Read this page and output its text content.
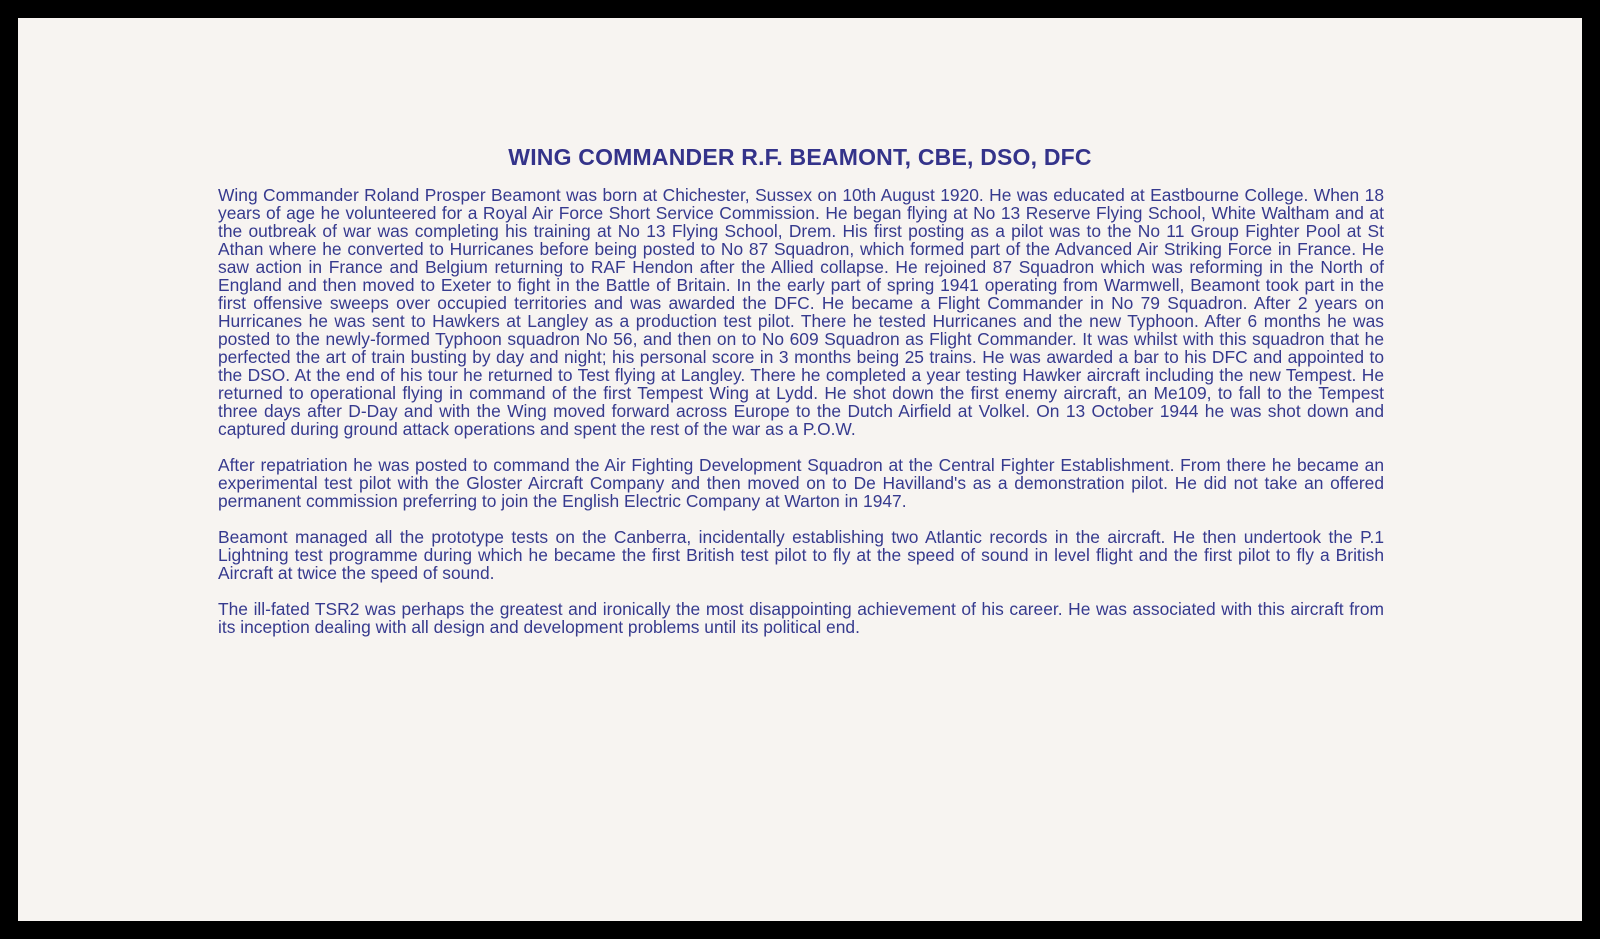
WING COMMANDER R.F. BEAMONT, CBE, DSO, DFC

Wing Commander Roland Prosper Beamont was born at Chichester, Sussex on 10th August 1920. He was educated at Eastbourne College. When 18 years of age he volunteered for a Royal Air Force Short Service Commission. He began flying at No 13 Reserve Flying School, White Waltham and at the outbreak of war was completing his training at No 13 Flying School, Drem. His first posting as a pilot was to the No 11 Group Fighter Pool at St Athan where he converted to Hurricanes before being posted to No 87 Squadron, which formed part of the Advanced Air Striking Force in France. He saw action in France and Belgium returning to RAF Hendon after the Allied collapse. He rejoined 87 Squadron which was reforming in the North of England and then moved to Exeter to fight in the Battle of Britain. In the early part of spring 1941 operating from Warmwell, Beamont took part in the first offensive sweeps over occupied territories and was awarded the DFC. He became a Flight Commander in No 79 Squadron. After 2 years on Hurricanes he was sent to Hawkers at Langley as a production test pilot. There he tested Hurricanes and the new Typhoon. After 6 months he was posted to the newly-formed Typhoon squadron No 56, and then on to No 609 Squadron as Flight Commander. It was whilst with this squadron that he perfected the art of train busting by day and night; his personal score in 3 months being 25 trains. He was awarded a bar to his DFC and appointed to the DSO. At the end of his tour he returned to Test flying at Langley. There he completed a year testing Hawker aircraft including the new Tempest. He returned to operational flying in command of the first Tempest Wing at Lydd. He shot down the first enemy aircraft, an Me109, to fall to the Tempest three days after D-Day and with the Wing moved forward across Europe to the Dutch Airfield at Volkel. On 13 October 1944 he was shot down and captured during ground attack operations and spent the rest of the war as a P.O.W.

After repatriation he was posted to command the Air Fighting Development Squadron at the Central Fighter Establishment. From there he became an experimental test pilot with the Gloster Aircraft Company and then moved on to De Havilland's as a demonstration pilot. He did not take an offered permanent commission preferring to join the English Electric Company at Warton in 1947.

Beamont managed all the prototype tests on the Canberra, incidentally establishing two Atlantic records in the aircraft. He then undertook the P.1 Lightning test programme during which he became the first British test pilot to fly at the speed of sound in level flight and the first pilot to fly a British Aircraft at twice the speed of sound.

The ill-fated TSR2 was perhaps the greatest and ironically the most disappointing achievement of his career. He was associated with this aircraft from its inception dealing with all design and development problems until its political end.
